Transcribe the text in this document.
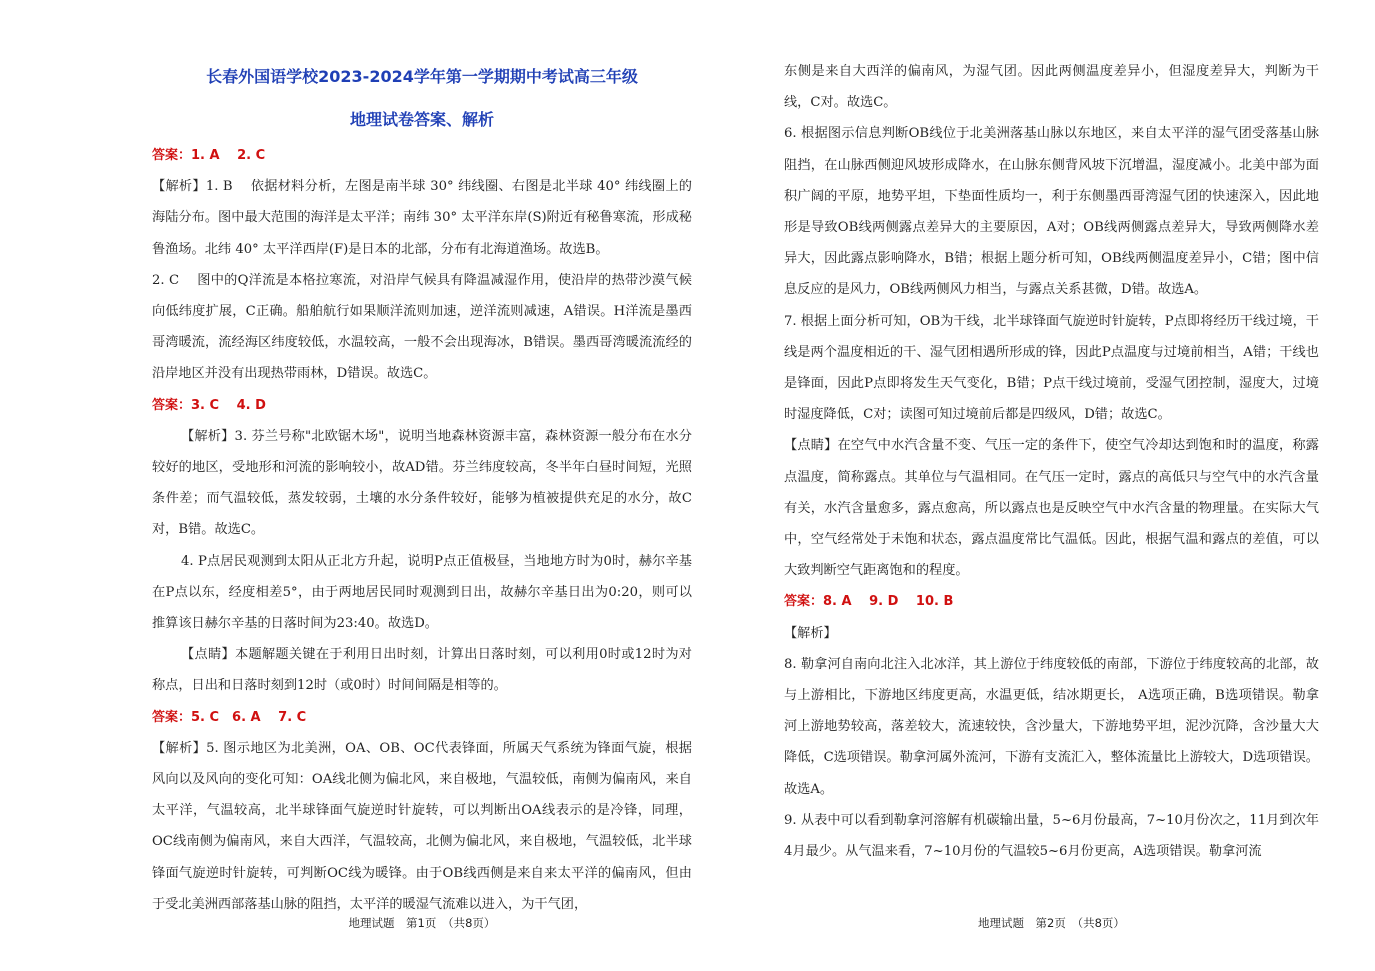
长春外国语学校2023-2024学年第一学期期中考试高三年级
地理试卷答案、解析

答案：1. A　 2. C

【解析】1. B　 依据材料分析，左图是南半球 30° 纬线圈、右图是北半球 40° 纬线圈上的海陆分布。图中最大范围的海洋是太平洋；南纬 30° 太平洋东岸(S)附近有秘鲁寒流，形成秘鲁渔场。北纬 40° 太平洋西岸(F)是日本的北部，分布有北海道渔场。故选B。

2. C　 图中的Q洋流是本格拉寒流，对沿岸气候具有降温减湿作用，使沿岸的热带沙漠气候向低纬度扩展，C正确。船舶航行如果顺洋流则加速，逆洋流则减速，A错误。H洋流是墨西哥湾暖流，流经海区纬度较低，水温较高，一般不会出现海冰，B错误。墨西哥湾暖流流经的沿岸地区并没有出现热带雨林，D错误。故选C。

答案：3. C　 4. D

【解析】3. 芬兰号称"北欧锯木场"，说明当地森林资源丰富，森林资源一般分布在水分较好的地区，受地形和河流的影响较小，故AD错。芬兰纬度较高，冬半年白昼时间短，光照条件差；而气温较低，蒸发较弱，土壤的水分条件较好，能够为植被提供充足的水分，故C对，B错。故选C。

4. P点居民观测到太阳从正北方升起，说明P点正值极昼，当地地方时为0时，赫尔辛基在P点以东，经度相差5°，由于两地居民同时观测到日出，故赫尔辛基日出为0:20，则可以推算该日赫尔辛基的日落时间为23:40。故选D。

【点睛】本题解题关键在于利用日出时刻，计算出日落时刻，可以利用0时或12时为对称点，日出和日落时刻到12时（或0时）时间间隔是相等的。

答案：5. C　6. A　 7. C

【解析】5. 图示地区为北美洲，OA、OB、OC代表锋面，所属天气系统为锋面气旋，根据风向以及风向的变化可知：OA线北侧为偏北风，来自极地，气温较低，南侧为偏南风，来自太平洋，气温较高，北半球锋面气旋逆时针旋转，可以判断出OA线表示的是冷锋，同理，OC线南侧为偏南风，来自大西洋，气温较高，北侧为偏北风，来自极地，气温较低，北半球锋面气旋逆时针旋转，可判断OC线为暖锋。由于OB线西侧是来自来太平洋的偏南风，但由于受北美洲西部落基山脉的阻挡，太平洋的暖湿气流难以进入，为干气团，

地理试题　第1页　（共8页）

东侧是来自大西洋的偏南风，为湿气团。因此两侧温度差异小，但湿度差异大，判断为干线，C对。故选C。

6. 根据图示信息判断OB线位于北美洲落基山脉以东地区，来自太平洋的湿气团受落基山脉阻挡，在山脉西侧迎风坡形成降水，在山脉东侧背风坡下沉增温，湿度减小。北美中部为面积广阔的平原，地势平坦，下垫面性质均一，利于东侧墨西哥湾湿气团的快速深入，因此地形是导致OB线两侧露点差异大的主要原因，A对；OB线两侧露点差异大，导致两侧降水差异大，因此露点影响降水，B错；根据上题分析可知，OB线两侧温度差异小，C错；图中信息反应的是风力，OB线两侧风力相当，与露点关系甚微，D错。故选A。

7. 根据上面分析可知，OB为干线，北半球锋面气旋逆时针旋转，P点即将经历干线过境，干线是两个温度相近的干、湿气团相遇所形成的锋，因此P点温度与过境前相当，A错；干线也是锋面，因此P点即将发生天气变化，B错；P点干线过境前，受湿气团控制，湿度大，过境时湿度降低，C对；读图可知过境前后都是四级风，D错；故选C。

【点睛】在空气中水汽含量不变、气压一定的条件下，使空气冷却达到饱和时的温度，称露点温度，简称露点。其单位与气温相同。在气压一定时，露点的高低只与空气中的水汽含量有关，水汽含量愈多，露点愈高，所以露点也是反映空气中水汽含量的物理量。在实际大气中，空气经常处于未饱和状态，露点温度常比气温低。因此，根据气温和露点的差值，可以大致判断空气距离饱和的程度。

答案：8. A　 9. D　 10. B

【解析】

8. 勒拿河自南向北注入北冰洋，其上游位于纬度较低的南部，下游位于纬度较高的北部，故与上游相比，下游地区纬度更高，水温更低，结冰期更长， A选项正确，B选项错误。勒拿河上游地势较高，落差较大，流速较快，含沙量大，下游地势平坦，泥沙沉降，含沙量大大降低，C选项错误。勒拿河属外流河，下游有支流汇入，整体流量比上游较大，D选项错误。故选A。

9. 从表中可以看到勒拿河溶解有机碳输出量，5~6月份最高，7~10月份次之，11月到次年4月最少。从气温来看，7~10月份的气温较5~6月份更高，A选项错误。勒拿河流

地理试题　第2页　（共8页）
